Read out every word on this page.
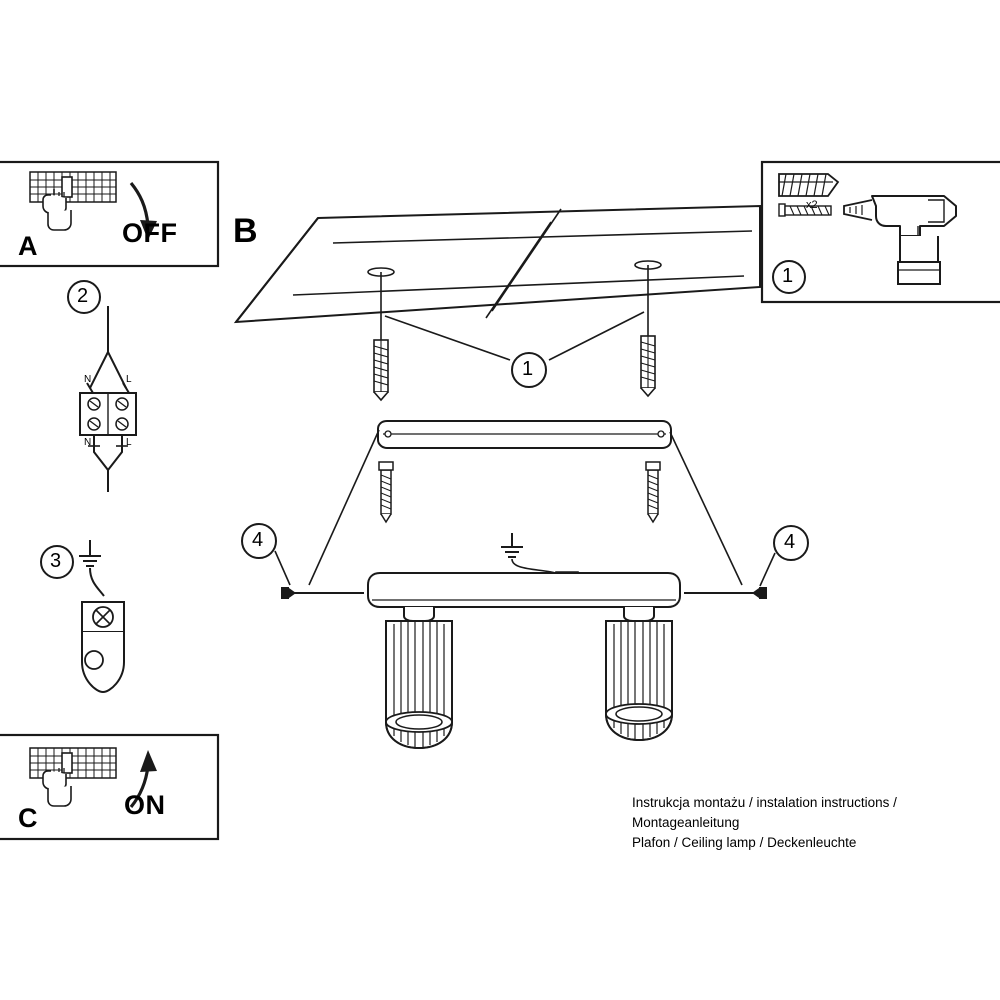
A	OFF
C	ON
B
2
3
1
1
4	4
x2
N	L
N	L
Instrukcja montażu / instalation instructions / Montageanleitung
Plafon / Ceiling lamp / Deckenleuchte
